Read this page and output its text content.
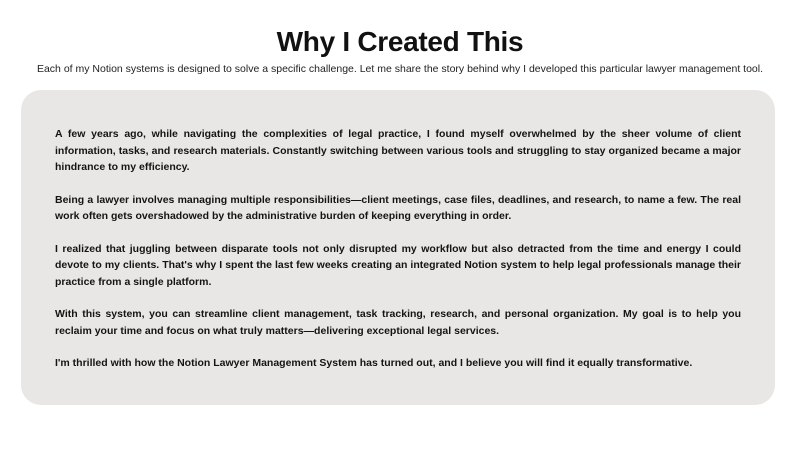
Why I Created This

Each of my Notion systems is designed to solve a specific challenge. Let me share the story behind why I developed this particular lawyer management tool.

A few years ago, while navigating the complexities of legal practice, I found myself overwhelmed by the sheer volume of client information, tasks, and research materials. Constantly switching between various tools and struggling to stay organized became a major hindrance to my efficiency.

Being a lawyer involves managing multiple responsibilities—client meetings, case files, deadlines, and research, to name a few. The real work often gets overshadowed by the administrative burden of keeping everything in order.

I realized that juggling between disparate tools not only disrupted my workflow but also detracted from the time and energy I could devote to my clients. That's why I spent the last few weeks creating an integrated Notion system to help legal professionals manage their practice from a single platform.

With this system, you can streamline client management, task tracking, research, and personal organization. My goal is to help you reclaim your time and focus on what truly matters—delivering exceptional legal services.

I'm thrilled with how the Notion Lawyer Management System has turned out, and I believe you will find it equally transformative.
